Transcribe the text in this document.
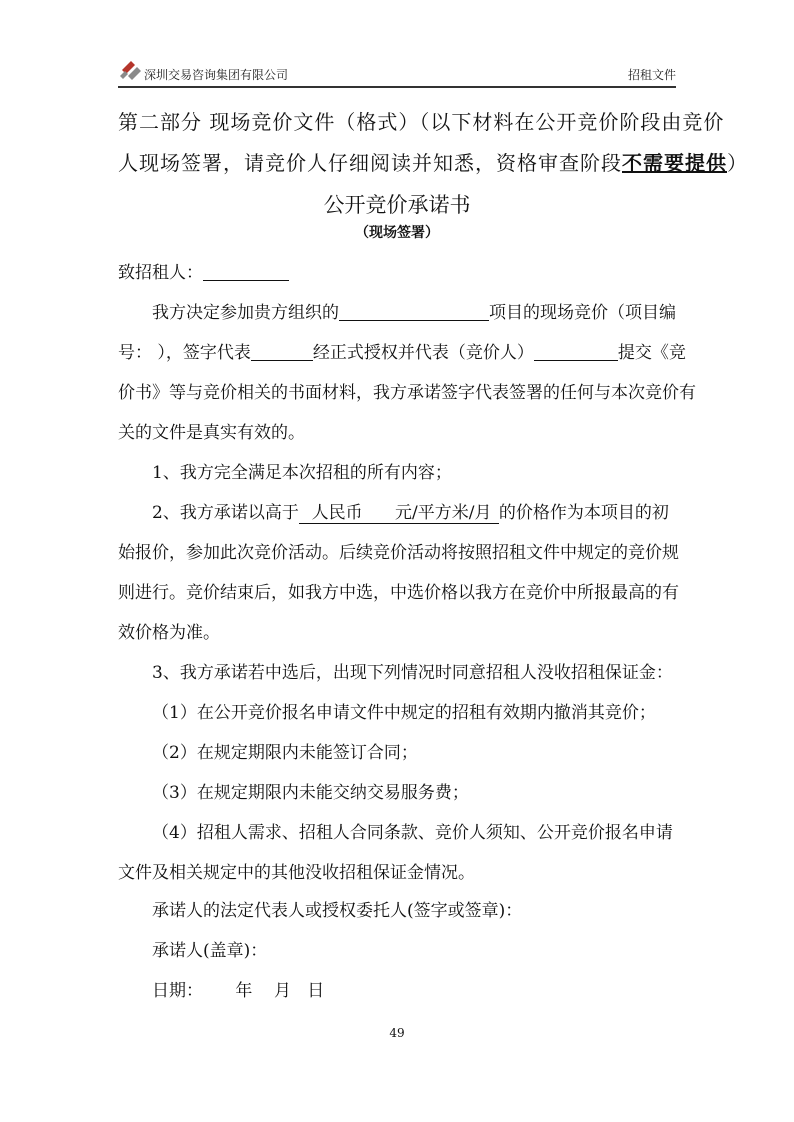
深圳交易咨询集团有限公司	招租文件
第二部分 现场竞价文件（格式）（以下材料在公开竞价阶段由竞价
人现场签署，请竞价人仔细阅读并知悉，资格审查阶段不需要提供）
公开竞价承诺书
（现场签署）
致招租人：
我方决定参加贵方组织的	项目的现场竞价（项目编
号： ），签字代表	经正式授权并代表（竞价人）	提交《竞
价书》等与竞价相关的书面材料，我方承诺签字代表签署的任何与本次竞价有
关的文件是真实有效的。
1、我方完全满足本次招租的所有内容；
2、我方承诺以高于  人民币      元/平方米/月 的价格作为本项目的初
始报价，参加此次竞价活动。后续竞价活动将按照招租文件中规定的竞价规
则进行。竞价结束后，如我方中选，中选价格以我方在竞价中所报最高的有
效价格为准。
3、我方承诺若中选后，出现下列情况时同意招租人没收招租保证金：
（1）在公开竞价报名申请文件中规定的招租有效期内撤消其竞价；
（2）在规定期限内未能签订合同；
（3）在规定期限内未能交纳交易服务费；
（4）招租人需求、招租人合同条款、竞价人须知、公开竞价报名申请
文件及相关规定中的其他没收招租保证金情况。
承诺人的法定代表人或授权委托人(签字或签章)：
承诺人(盖章)：
日期：      年    月   日
49
